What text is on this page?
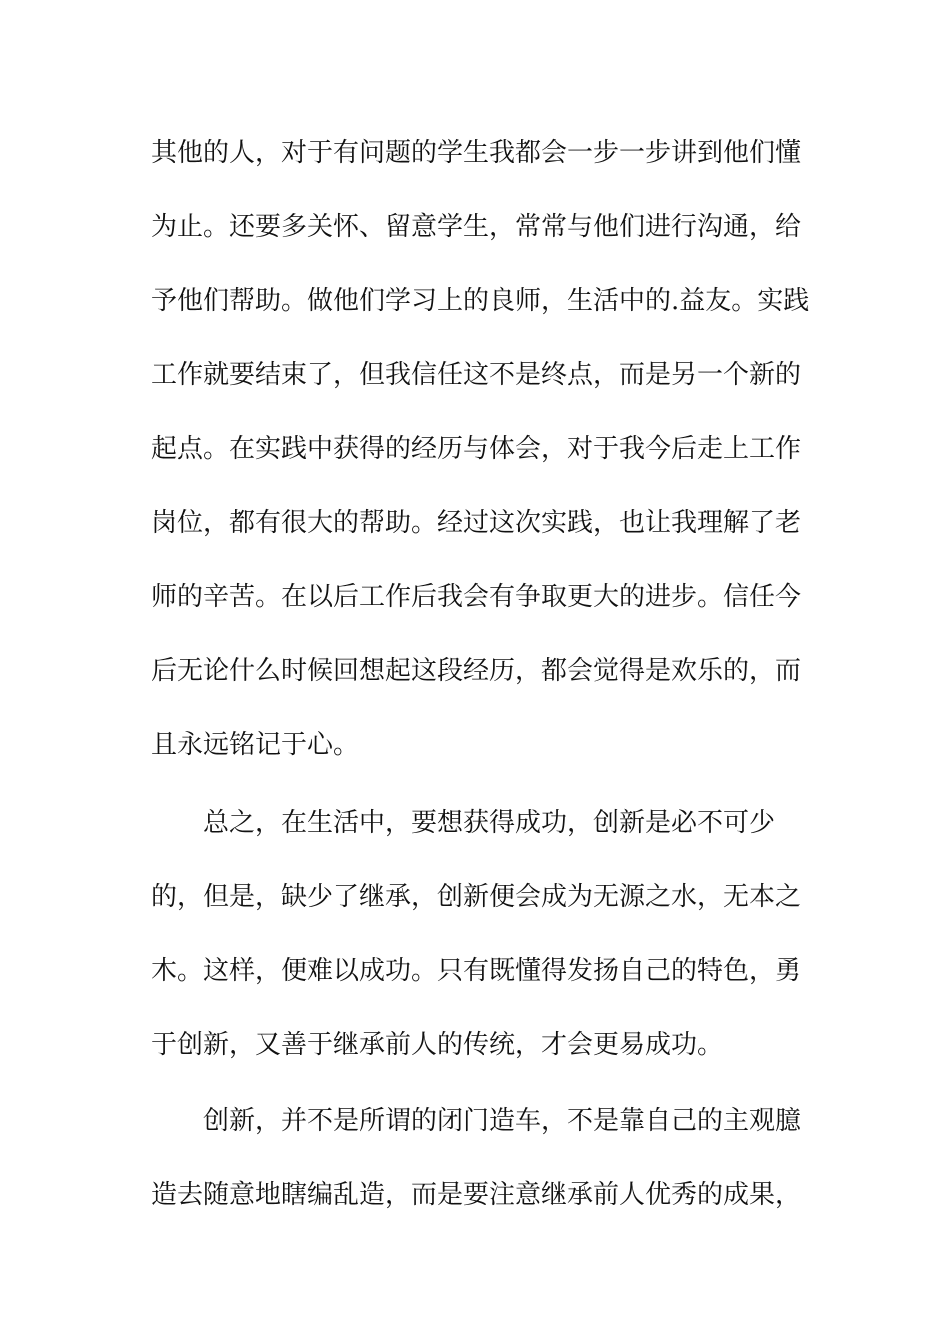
其他的人，对于有问题的学生我都会一步一步讲到他们懂
为止。还要多关怀、留意学生，常常与他们进行沟通，给
予他们帮助。做他们学习上的良师，生活中的.益友。实践
工作就要结束了，但我信任这不是终点，而是另一个新的
起点。在实践中获得的经历与体会，对于我今后走上工作
岗位，都有很大的帮助。经过这次实践，也让我理解了老
师的辛苦。在以后工作后我会有争取更大的进步。信任今
后无论什么时候回想起这段经历，都会觉得是欢乐的，而
且永远铭记于心。
总之，在生活中，要想获得成功，创新是必不可少
的，但是，缺少了继承，创新便会成为无源之水，无本之
木。这样，便难以成功。只有既懂得发扬自己的特色，勇
于创新，又善于继承前人的传统，才会更易成功。
创新，并不是所谓的闭门造车，不是靠自己的主观臆
造去随意地瞎编乱造，而是要注意继承前人优秀的成果，
